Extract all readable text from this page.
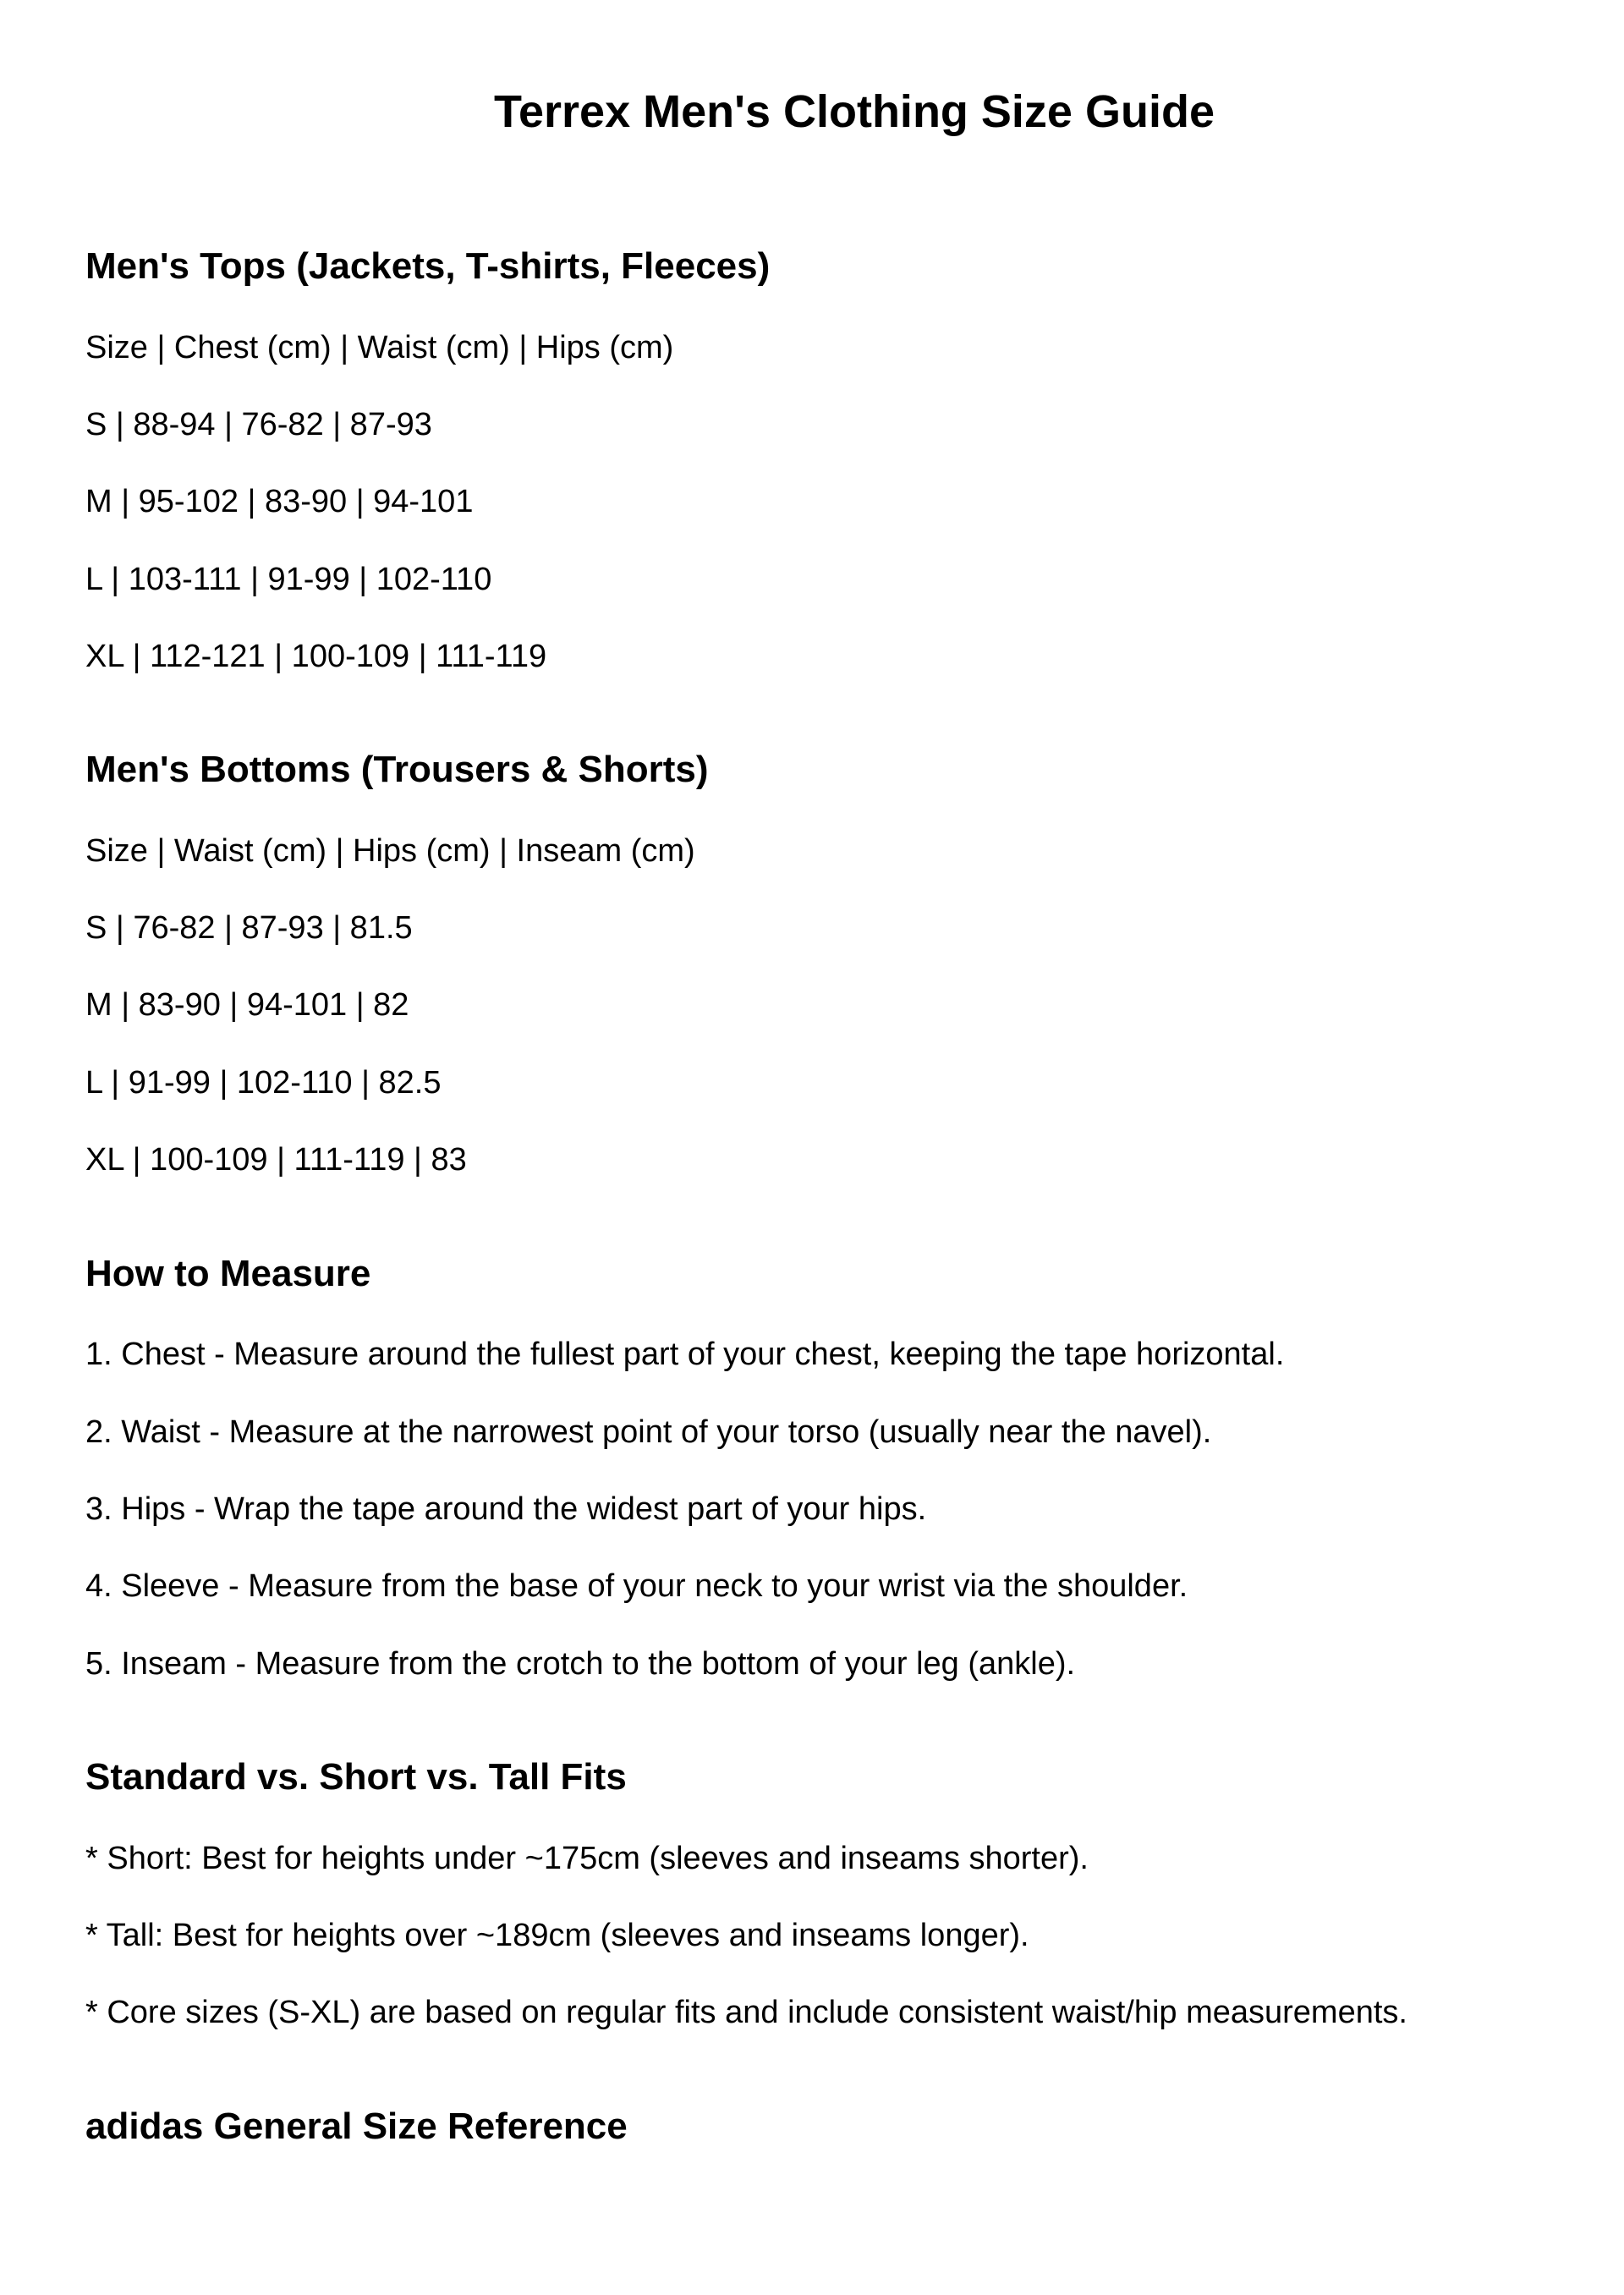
Terrex Men's Clothing Size Guide
Men's Tops (Jackets, T-shirts, Fleeces)
Size | Chest (cm) | Waist (cm) | Hips (cm)
S | 88-94 | 76-82 | 87-93
M | 95-102 | 83-90 | 94-101
L | 103-111 | 91-99 | 102-110
XL | 112-121 | 100-109 | 111-119
Men's Bottoms (Trousers & Shorts)
Size | Waist (cm) | Hips (cm) | Inseam (cm)
S | 76-82 | 87-93 | 81.5
M | 83-90 | 94-101 | 82
L | 91-99 | 102-110 | 82.5
XL | 100-109 | 111-119 | 83
How to Measure
1. Chest - Measure around the fullest part of your chest, keeping the tape horizontal.
2. Waist - Measure at the narrowest point of your torso (usually near the navel).
3. Hips - Wrap the tape around the widest part of your hips.
4. Sleeve - Measure from the base of your neck to your wrist via the shoulder.
5. Inseam - Measure from the crotch to the bottom of your leg (ankle).
Standard vs. Short vs. Tall Fits
* Short: Best for heights under ~175cm (sleeves and inseams shorter).
* Tall: Best for heights over ~189cm (sleeves and inseams longer).
* Core sizes (S-XL) are based on regular fits and include consistent waist/hip measurements.
adidas General Size Reference
